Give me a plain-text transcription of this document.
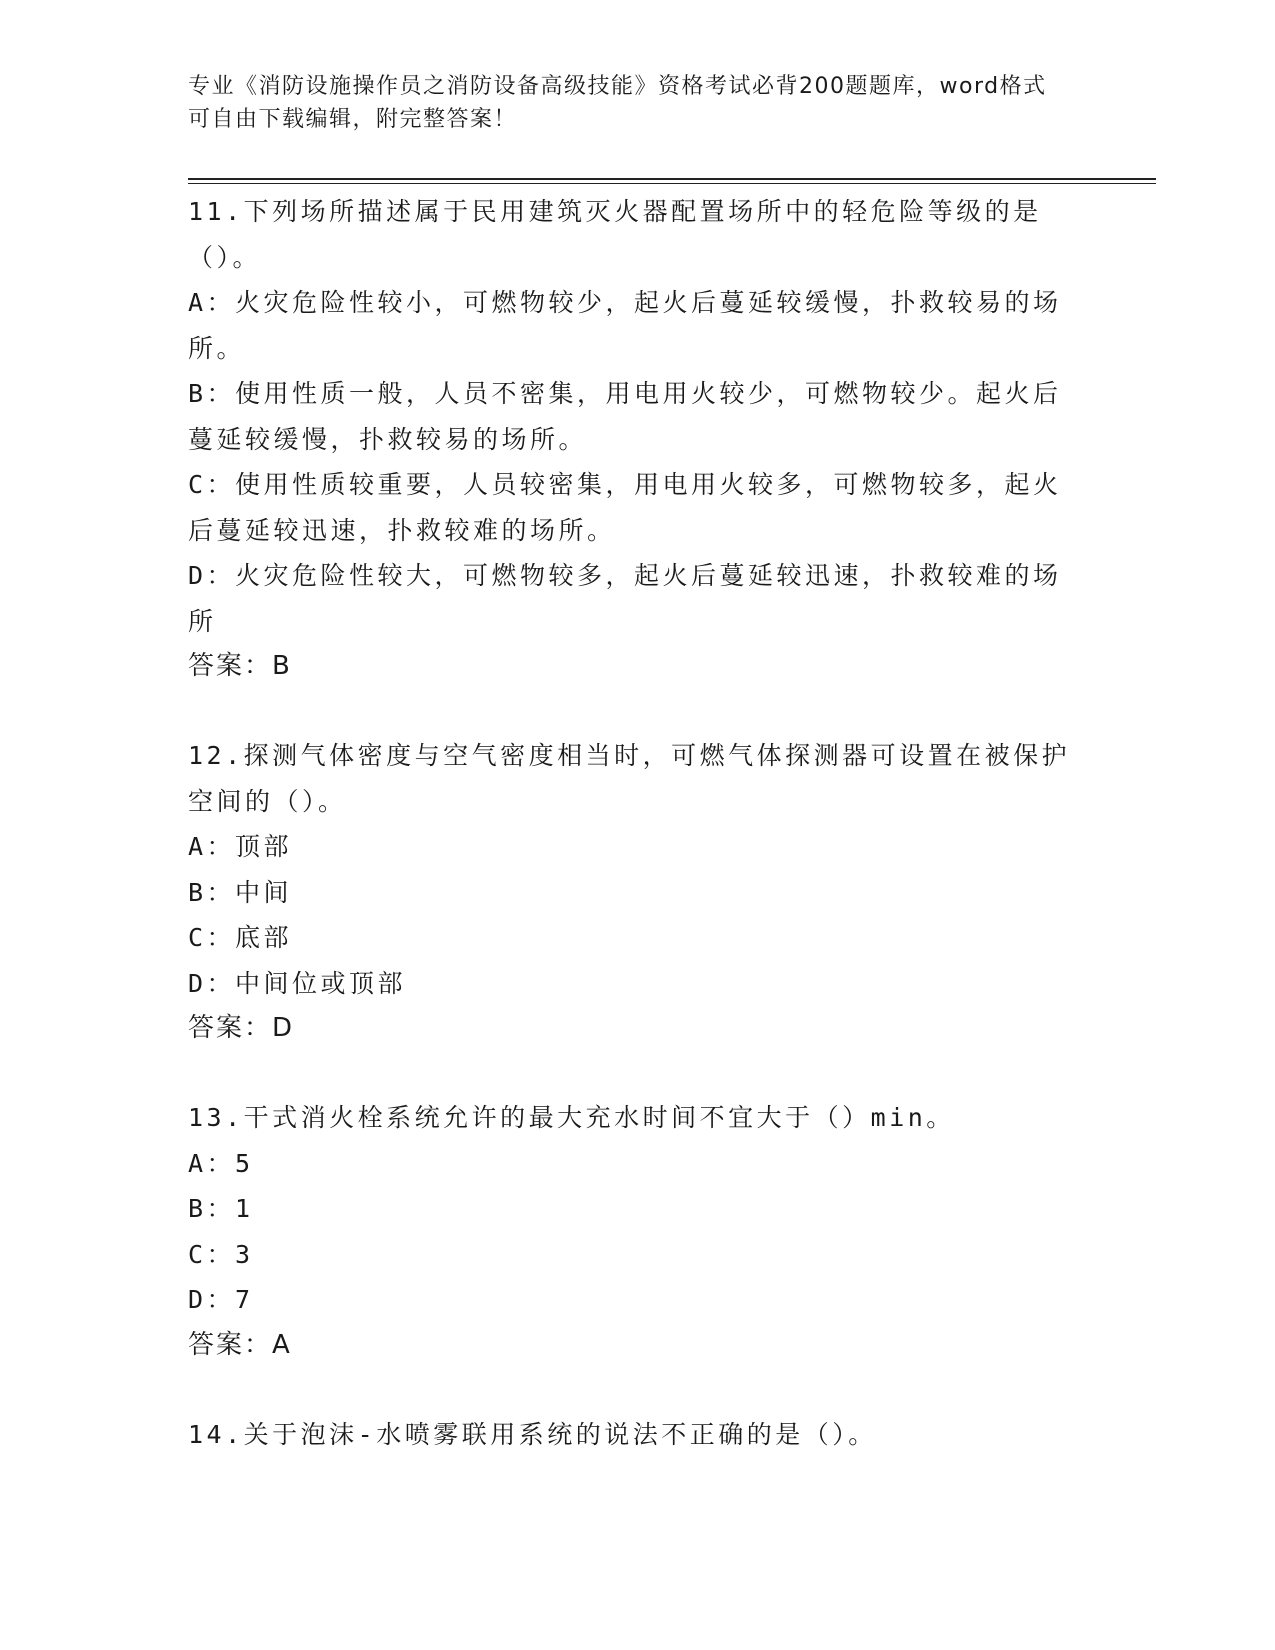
专业《消防设施操作员之消防设备高级技能》资格考试必背200题题库，word格式可自由下载编辑，附完整答案！

11.下列场所描述属于民用建筑灭火器配置场所中的轻危险等级的是（）。

A：火灾危险性较小，可燃物较少，起火后蔓延较缓慢，扑救较易的场所。

B：使用性质一般，人员不密集，用电用火较少，可燃物较少。起火后蔓延较缓慢，扑救较易的场所。

C：使用性质较重要，人员较密集，用电用火较多，可燃物较多，起火后蔓延较迅速，扑救较难的场所。

D：火灾危险性较大，可燃物较多，起火后蔓延较迅速，扑救较难的场所

答案：B

12.探测气体密度与空气密度相当时，可燃气体探测器可设置在被保护空间的（）。

A：顶部

B：中间

C：底部

D：中间位或顶部

答案：D

13.干式消火栓系统允许的最大充水时间不宜大于（）min。

A：5

B：1

C：3

D：7

答案：A

14.关于泡沫-水喷雾联用系统的说法不正确的是（）。
